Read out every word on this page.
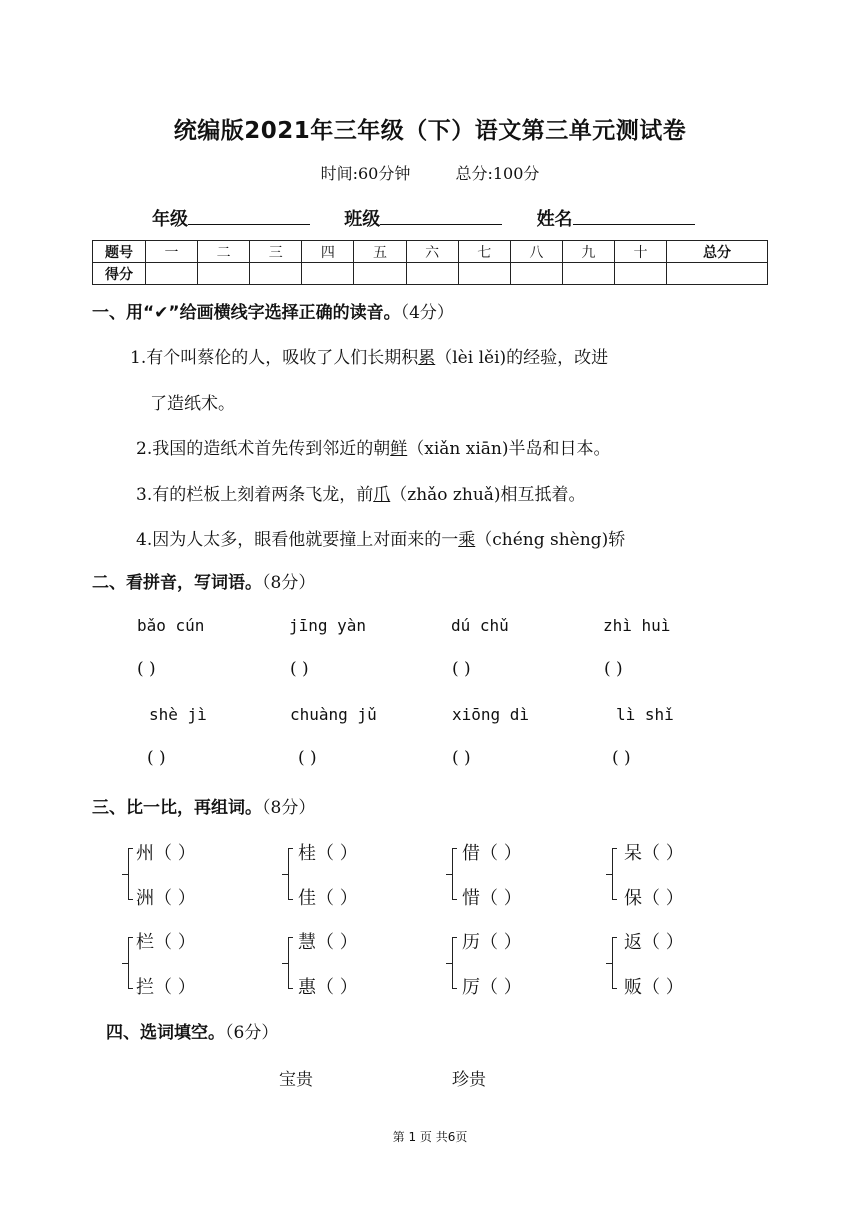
统编版2021年三年级（下）语文第三单元测试卷
时间:60分钟	总分:100分
年级	班级	姓名
题号	一	二	三	四	五	六	七	八	九	十	总分
得分											
一、用“✔”给画横线字选择正确的读音。（4分）
1.有个叫蔡伦的人，吸收了人们长期积累（lèi lěi)的经验，改进
了造纸术。
2.我国的造纸术首先传到邻近的朝鲜（xiǎn xiān)半岛和日本。
3.有的栏板上刻着两条飞龙，前爪（zhǎo zhuǎ)相互抵着。
4.因为人太多，眼看他就要撞上对面来的一乘（chéng shèng)轿
二、看拼音，写词语。（8分）
bǎo cún	jīng yàn	dú chǔ	zhì huì
( )	( )	( )	( )
shè jì	chuàng jǔ	xiōng dì	lì shǐ
( )	( )	( )	( )
三、比一比，再组词。（8分）
州（ ）
洲（ ）
桂（ ）
佳（ ）
借（ ）
惜（ ）
呆（ ）
保（ ）
栏（ ）
拦（ ）
慧（ ）
惠（ ）
历（ ）
厉（ ）
返（ ）
贩（ ）
四、选词填空。（6分）
宝贵	珍贵
第 1 页 共6页
